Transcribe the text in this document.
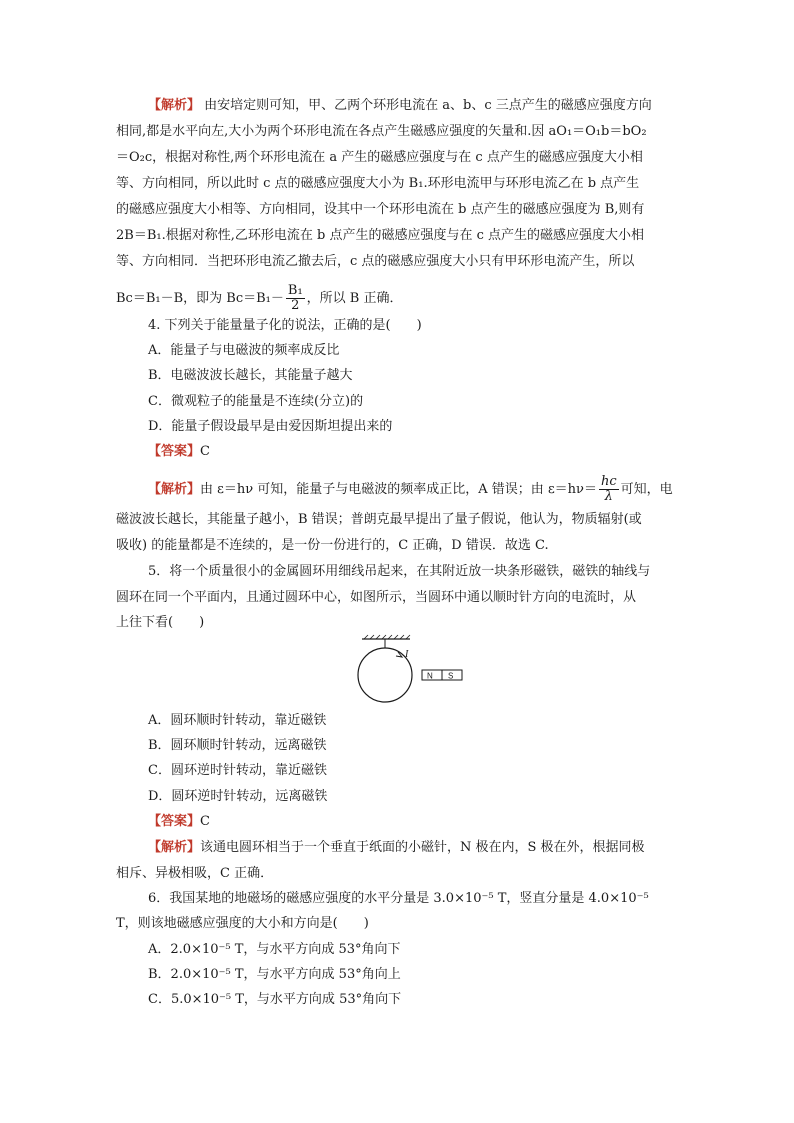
【解析】 由安培定则可知，甲、乙两个环形电流在 a、b、c 三点产生的磁感应强度方向
相同,都是水平向左,大小为两个环形电流在各点产生磁感应强度的矢量和.因 aO₁＝O₁b＝bO₂
＝O₂c，根据对称性,两个环形电流在 a 产生的磁感应强度与在 c 点产生的磁感应强度大小相
等、方向相同，所以此时 c 点的磁感应强度大小为 B₁.环形电流甲与环形电流乙在 b 点产生
的磁感应强度大小相等、方向相同，设其中一个环形电流在 b 点产生的磁感应强度为 B,则有
2B＝B₁.根据对称性,乙环形电流在 b 点产生的磁感应强度与在 c 点产生的磁感应强度大小相
等、方向相同．当把环形电流乙撤去后，c 点的磁感应强度大小只有甲环形电流产生，所以
Bc＝B₁－B，即为 $Bc=B_1- \frac{\text{B₁}}{2}$ ，所以 B 正确．
4. 下列关于能量量子化的说法，正确的是(　　)
A．能量子与电磁波的频率成反比
B．电磁波波长越长，其能量子越大
C．微观粒子的能量是不连续(分立)的
D．能量子假设最早是由爱因斯坦提出来的
【答案】C
【解析】由 ε＝hν 可知，能量子与电磁波的频率成正比，A 错误；由 $\varepsilon=h\nu= \frac{hc}{\lambda}$ 可知，电
磁波波长越长，其能量子越小，B 错误；普朗克最早提出了量子假说，他认为，物质辐射(或
吸收) 的能量都是不连续的，是一份一份进行的，C 正确，D 错误．故选 C.
5．将一个质量很小的金属圆环用细线吊起来，在其附近放一块条形磁铁，磁铁的轴线与
圆环在同一个平面内，且通过圆环中心，如图所示，当圆环中通以顺时针方向的电流时，从
上往下看(　　)
I
N S
A．圆环顺时针转动，靠近磁铁
B．圆环顺时针转动，远离磁铁
C．圆环逆时针转动，靠近磁铁
D．圆环逆时针转动，远离磁铁
【答案】C
【解析】该通电圆环相当于一个垂直于纸面的小磁针，N 极在内，S 极在外，根据同极
相斥、异极相吸，C 正确．
6．我国某地的地磁场的磁感应强度的水平分量是 3.0×10⁻⁵ T，竖直分量是 4.0×10⁻⁵
T，则该地磁感应强度的大小和方向是(　　)
A．2.0×10⁻⁵ T，与水平方向成 53°角向下
B．2.0×10⁻⁵ T，与水平方向成 53°角向上
C．5.0×10⁻⁵ T，与水平方向成 53°角向下
